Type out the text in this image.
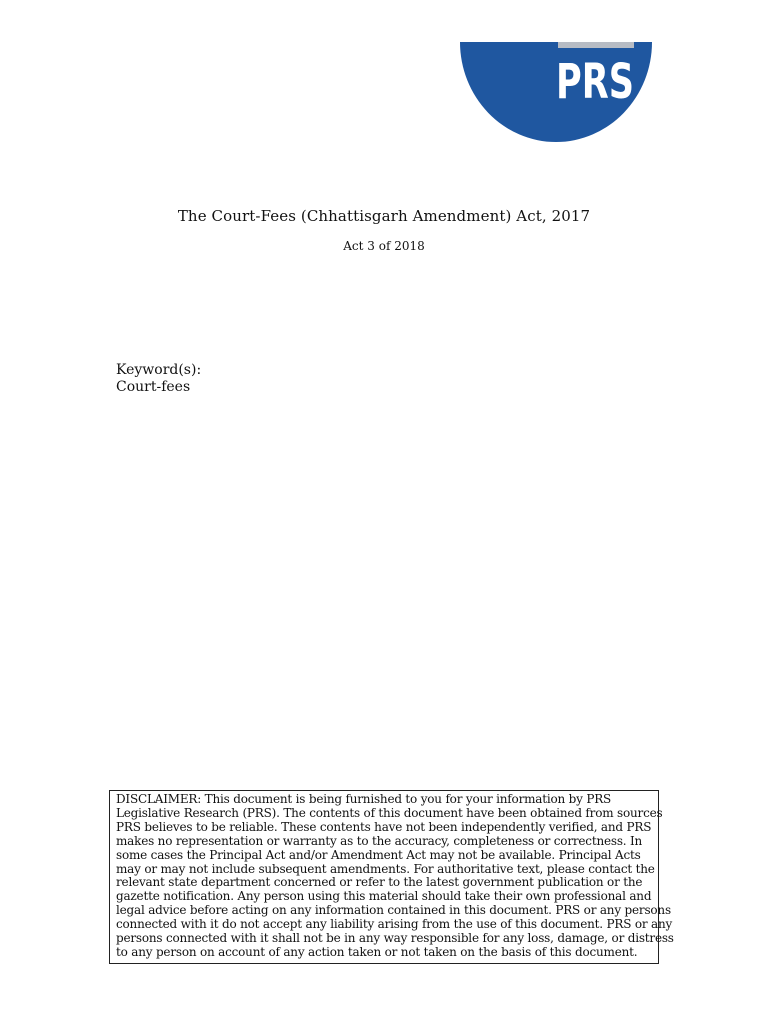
PRS
The Court-Fees (Chhattisgarh Amendment) Act, 2017
Act 3 of 2018
Keyword(s):
Court-fees
DISCLAIMER: This document is being furnished to you for your information by PRS
Legislative Research (PRS). The contents of this document have been obtained from sources
PRS believes to be reliable. These contents have not been independently verified, and PRS
makes no representation or warranty as to the accuracy, completeness or correctness. In
some cases the Principal Act and/or Amendment Act may not be available. Principal Acts
may or may not include subsequent amendments. For authoritative text, please contact the
relevant state department concerned or refer to the latest government publication or the
gazette notification. Any person using this material should take their own professional and
legal advice before acting on any information contained in this document. PRS or any persons
connected with it do not accept any liability arising from the use of this document. PRS or any
persons connected with it shall not be in any way responsible for any loss, damage, or distress
to any person on account of any action taken or not taken on the basis of this document.
